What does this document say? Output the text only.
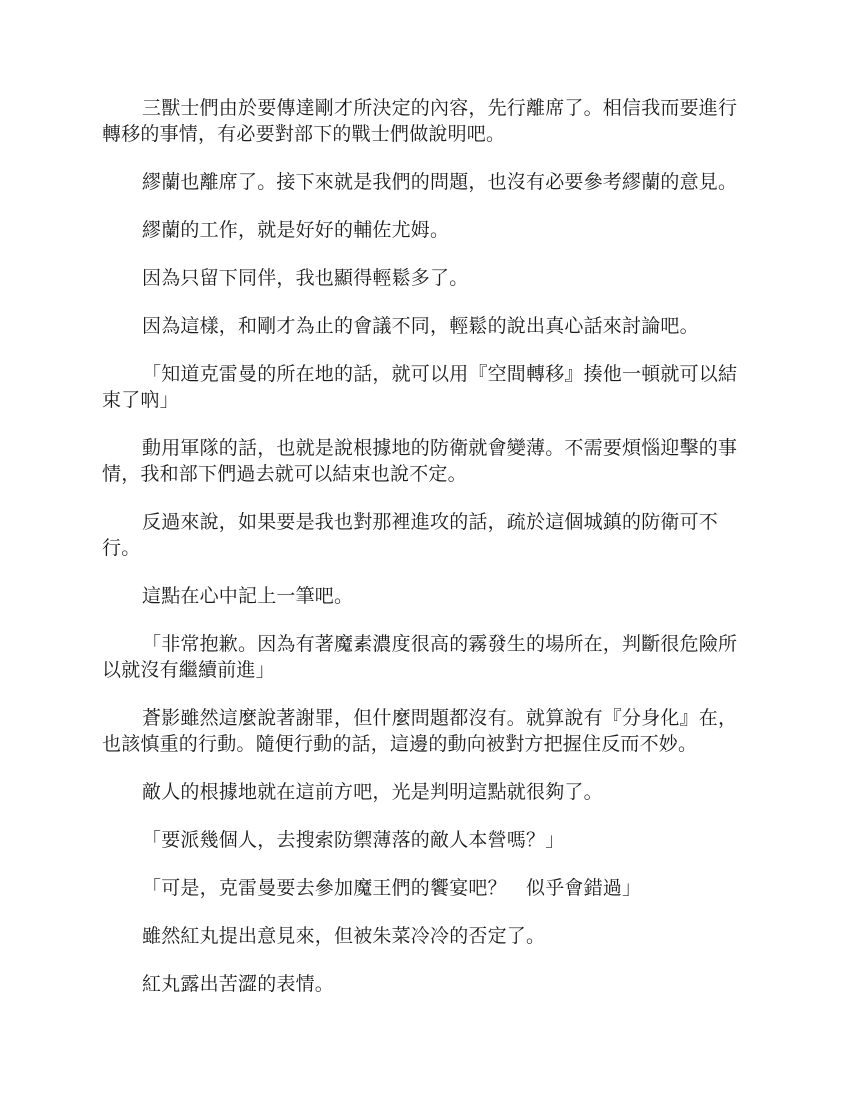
三獸士們由於要傳達剛才所決定的內容，先行離席了。相信我而要進行轉移的事情，有必要對部下的戰士們做說明吧。

繆蘭也離席了。接下來就是我們的問題，也沒有必要參考繆蘭的意見。

繆蘭的工作，就是好好的輔佐尤姆。

因為只留下同伴，我也顯得輕鬆多了。

因為這樣，和剛才為止的會議不同，輕鬆的說出真心話來討論吧。

「知道克雷曼的所在地的話，就可以用『空間轉移』揍他一頓就可以結束了吶」

動用軍隊的話，也就是說根據地的防衛就會變薄。不需要煩惱迎擊的事情，我和部下們過去就可以結束也說不定。

反過來說，如果要是我也對那裡進攻的話，疏於這個城鎮的防衛可不行。

這點在心中記上一筆吧。

「非常抱歉。因為有著魔素濃度很高的霧發生的場所在，判斷很危險所以就沒有繼續前進」

蒼影雖然這麼說著謝罪，但什麼問題都沒有。就算說有『分身化』在，也該慎重的行動。隨便行動的話，這邊的動向被對方把握住反而不妙。

敵人的根據地就在這前方吧，光是判明這點就很夠了。

「要派幾個人，去搜索防禦薄落的敵人本營嗎？」

「可是，克雷曼要去參加魔王們的饗宴吧？　似乎會錯過」

雖然紅丸提出意見來，但被朱菜冷冷的否定了。

紅丸露出苦澀的表情。
